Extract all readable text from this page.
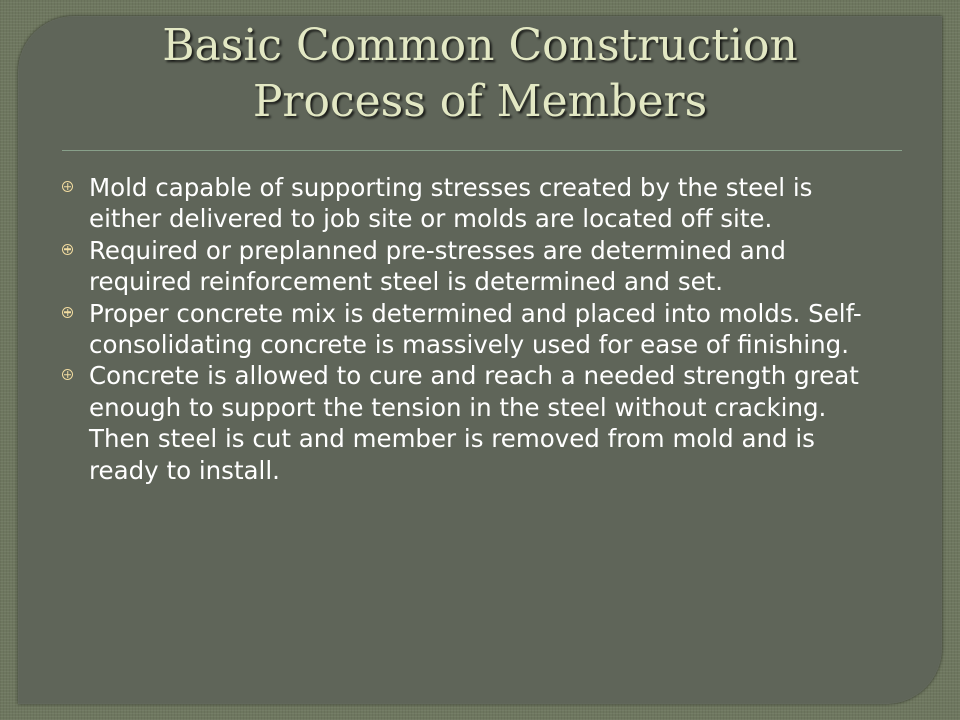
Basic Common Construction
Process of Members
Mold capable of supporting stresses created by the steel is either delivered to job site or molds are located off site.
Required or preplanned pre-stresses are determined and required reinforcement steel is determined and set.
Proper concrete mix is determined and placed into molds. Self-consolidating concrete is massively used for ease of finishing.
Concrete is allowed to cure and reach a needed strength great enough to support the tension in the steel without cracking. Then steel is cut and member is removed from mold and is ready to install.
